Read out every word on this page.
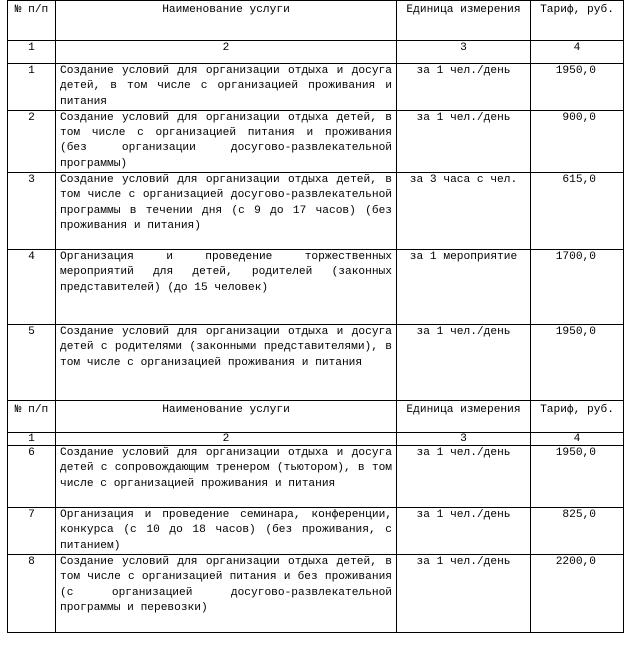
№ п/п	Наименование услуги	Единица измерения	Тариф, руб.
1	2	3	4
1	Создание условий для организации отдыха и досуга детей, в том числе с организацией проживания и питания	за 1 чел./день	1950,0
2	Создание условий для организации отдыха детей, в том числе с организацией питания и проживания (без организации досугово-развлекательной программы)	за 1 чел./день	900,0
3	Создание условий для организации отдыха детей, в том числе с организацией досугово-развлекательной программы в течении дня (с 9 до 17 часов) (без проживания и питания)	за 3 часа с чел.	615,0
4	Организация и проведение торжественных мероприятий для детей, родителей (законных представителей) (до 15 человек)	за 1 мероприятие	1700,0
5	Создание условий для организации отдыха и досуга детей с родителями (законными представителями), в том числе с организацией проживания и питания	за 1 чел./день	1950,0
№ п/п	Наименование услуги	Единица измерения	Тариф, руб.
1	2	3	4
6	Создание условий для организации отдыха и досуга детей с сопровождающим тренером (тьютором), в том числе с организацией проживания и питания	за 1 чел./день	1950,0
7	Организация и проведение семинара, конференции, конкурса (с 10 до 18 часов) (без проживания, с питанием)	за 1 чел./день	825,0
8	Создание условий для организации отдыха детей, в том числе с организацией питания и без проживания (с организацией досугово-развлекательной программы и перевозки)	за 1 чел./день	2200,0
